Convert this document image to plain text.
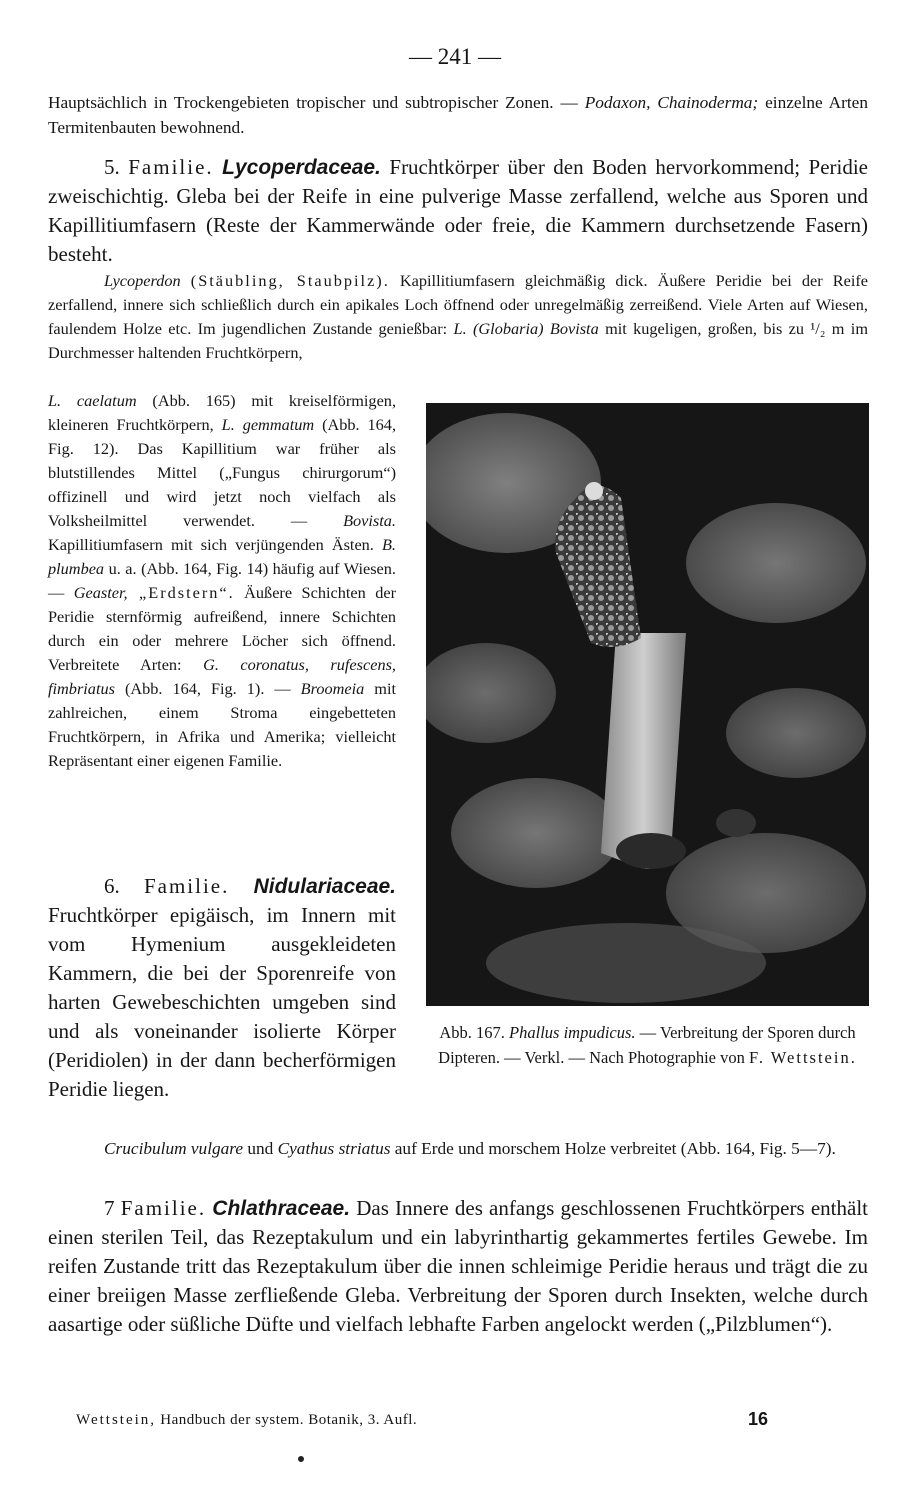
— 241 —

Hauptsächlich in Trockengebieten tropischer und subtropischer Zonen. — Podaxon, Chainoderma; einzelne Arten Termitenbauten bewohnend.

5. Familie. Lycoperdaceae. Fruchtkörper über den Boden hervorkommend; Peridie zweischichtig. Gleba bei der Reife in eine pulverige Masse zerfallend, welche aus Sporen und Kapillitiumfasern (Reste der Kammerwände oder freie, die Kammern durchsetzende Fasern) besteht.

Lycoperdon (Stäubling, Staubpilz). Kapillitiumfasern gleichmäßig dick. Äußere Peridie bei der Reife zerfallend, innere sich schließlich durch ein apikales Loch öffnend oder unregelmäßig zerreißend. Viele Arten auf Wiesen, faulendem Holze etc. Im jugendlichen Zustande genießbar: L. (Globaria) Bovista mit kugeligen, großen, bis zu ¹/₂ m im Durchmesser haltenden Fruchtkörpern,

L. caelatum (Abb. 165) mit kreiselförmigen, kleineren Fruchtkörpern, L. gemmatum (Abb. 164, Fig. 12). Das Kapillitium war früher als blutstillendes Mittel („Fungus chirurgorum“) offizinell und wird jetzt noch vielfach als Volksheilmittel verwendet. — Bovista. Kapillitiumfasern mit sich verjüngenden Ästen. B. plumbea u. a. (Abb. 164, Fig. 14) häufig auf Wiesen. — Geaster, „Erdstern“. Äußere Schichten der Peridie sternförmig aufreißend, innere Schichten durch ein oder mehrere Löcher sich öffnend. Verbreitete Arten: G. coronatus, rufescens, fimbriatus (Abb. 164, Fig. 1). — Broomeia mit zahlreichen, einem Stroma eingebetteten Fruchtkörpern, in Afrika und Amerika; vielleicht Repräsentant einer eigenen Familie.

6. Familie. Nidulariaceae. Fruchtkörper epigäisch, im Innern mit vom Hymenium ausgekleideten Kammern, die bei der Sporenreife von harten Gewebeschichten umgeben sind und als voneinander isolierte Körper (Peridiolen) in der dann becherförmigen Peridie liegen.

Abb. 167. Phallus impudicus. — Verbreitung der Sporen durch Dipteren. — Verkl. — Nach Photographie von F. Wettstein.

Crucibulum vulgare und Cyathus striatus auf Erde und morschem Holze verbreitet (Abb. 164, Fig. 5—7).

7 Familie. Chlathraceae. Das Innere des anfangs geschlossenen Fruchtkörpers enthält einen sterilen Teil, das Rezeptakulum und ein labyrinthartig gekammertes fertiles Gewebe. Im reifen Zustande tritt das Rezeptakulum über die innen schleimige Peridie heraus und trägt die zu einer breiigen Masse zerfließende Gleba. Verbreitung der Sporen durch Insekten, welche durch aasartige oder süßliche Düfte und vielfach lebhafte Farben angelockt werden („Pilzblumen“).

Wettstein, Handbuch der system. Botanik, 3. Aufl.	16
